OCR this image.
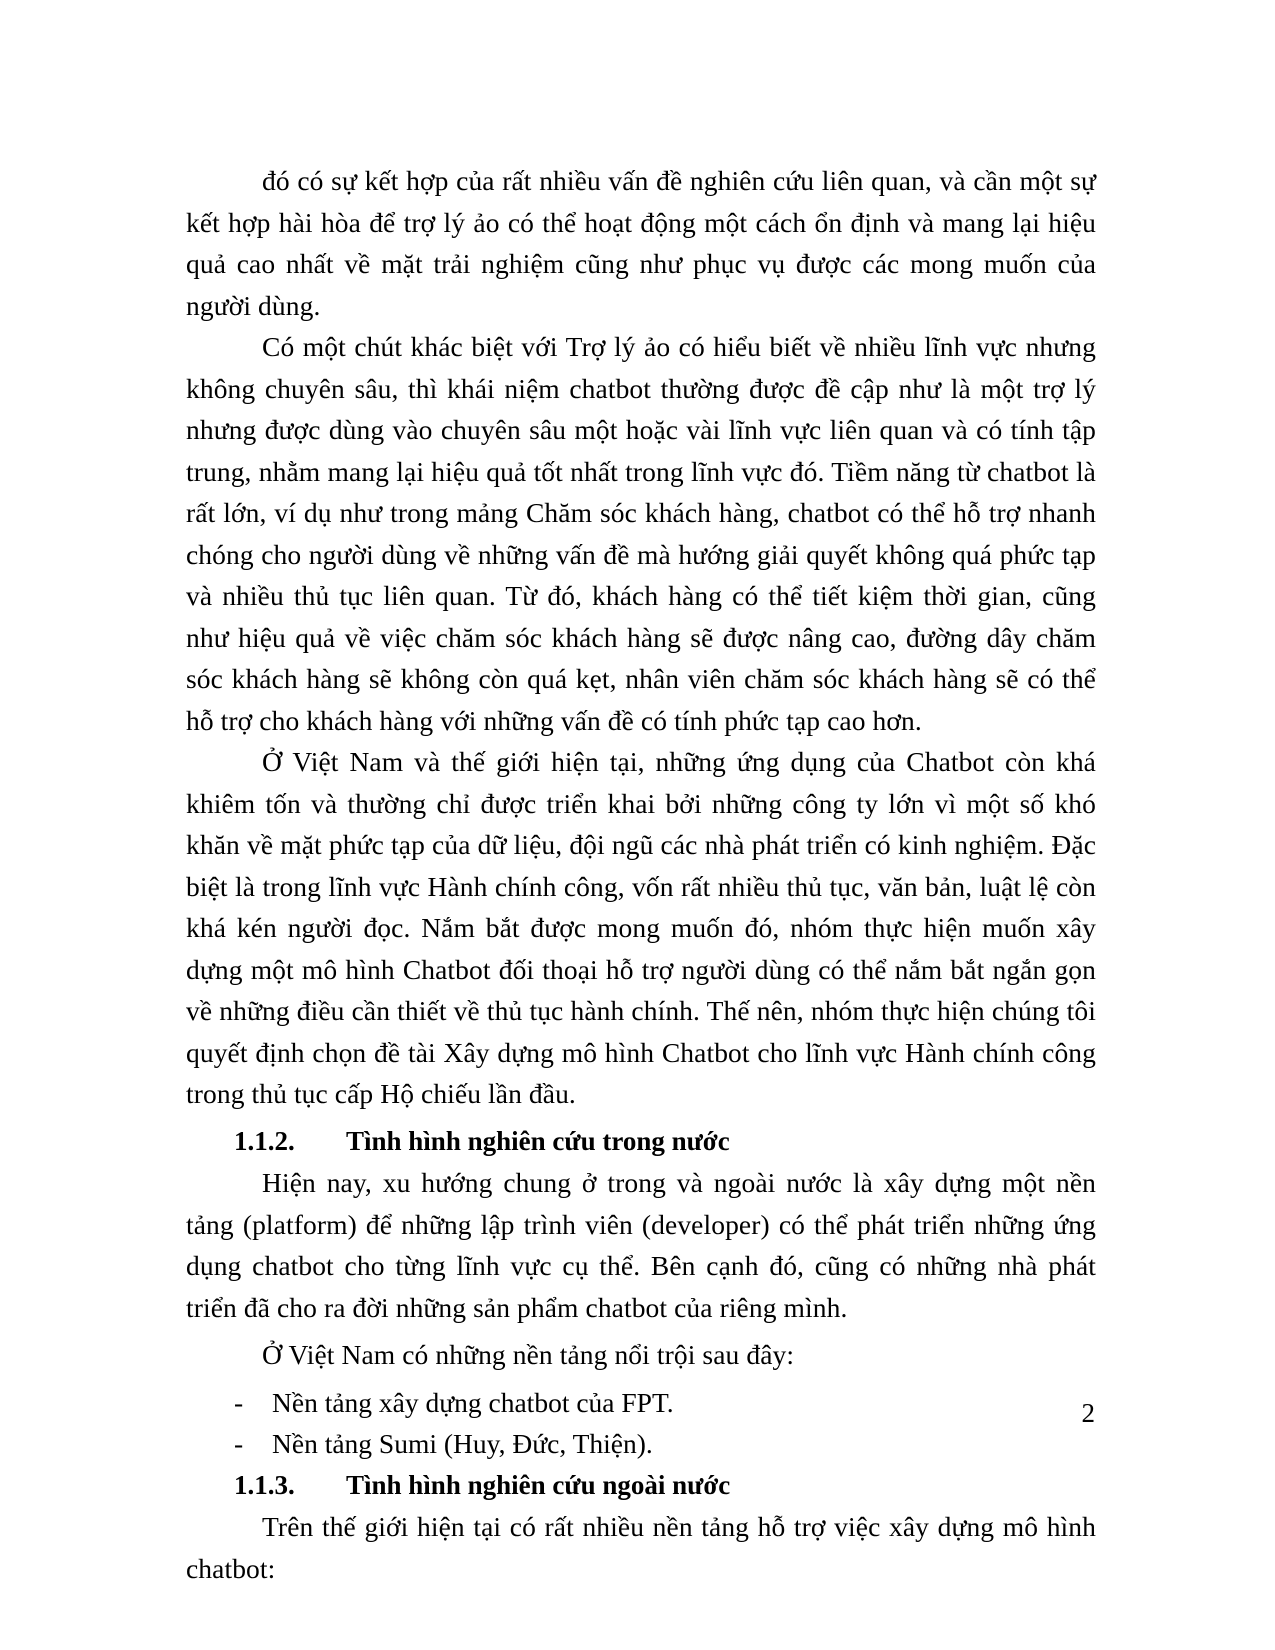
đó có sự kết hợp của rất nhiều vấn đề nghiên cứu liên quan, và cần một sự kết hợp hài hòa để trợ lý ảo có thể hoạt động một cách ổn định và mang lại hiệu quả cao nhất về mặt trải nghiệm cũng như phục vụ được các mong muốn của người dùng.

Có một chút khác biệt với Trợ lý ảo có hiểu biết về nhiều lĩnh vực nhưng không chuyên sâu, thì khái niệm chatbot thường được đề cập như là một trợ lý nhưng được dùng vào chuyên sâu một hoặc vài lĩnh vực liên quan và có tính tập trung, nhằm mang lại hiệu quả tốt nhất trong lĩnh vực đó. Tiềm năng từ chatbot là rất lớn, ví dụ như trong mảng Chăm sóc khách hàng, chatbot có thể hỗ trợ nhanh chóng cho người dùng về những vấn đề mà hướng giải quyết không quá phức tạp và nhiều thủ tục liên quan. Từ đó, khách hàng có thể tiết kiệm thời gian, cũng như hiệu quả về việc chăm sóc khách hàng sẽ được nâng cao, đường dây chăm sóc khách hàng sẽ không còn quá kẹt, nhân viên chăm sóc khách hàng sẽ có thể hỗ trợ cho khách hàng với những vấn đề có tính phức tạp cao hơn.

Ở Việt Nam và thế giới hiện tại, những ứng dụng của Chatbot còn khá khiêm tốn và thường chỉ được triển khai bởi những công ty lớn vì một số khó khăn về mặt phức tạp của dữ liệu, đội ngũ các nhà phát triển có kinh nghiệm. Đặc biệt là trong lĩnh vực Hành chính công, vốn rất nhiều thủ tục, văn bản, luật lệ còn khá kén người đọc. Nắm bắt được mong muốn đó, nhóm thực hiện muốn xây dựng một mô hình Chatbot đối thoại hỗ trợ người dùng có thể nắm bắt ngắn gọn về những điều cần thiết về thủ tục hành chính. Thế nên, nhóm thực hiện chúng tôi quyết định chọn đề tài Xây dựng mô hình Chatbot cho lĩnh vực Hành chính công trong thủ tục cấp Hộ chiếu lần đầu.

1.1.2.	Tình hình nghiên cứu trong nước

Hiện nay, xu hướng chung ở trong và ngoài nước là xây dựng một nền tảng (platform) để những lập trình viên (developer) có thể phát triển những ứng dụng chatbot cho từng lĩnh vực cụ thể. Bên cạnh đó, cũng có những nhà phát triển đã cho ra đời những sản phẩm chatbot của riêng mình.

Ở Việt Nam có những nền tảng nổi trội sau đây:

-	Nền tảng xây dựng chatbot của FPT.
-	Nền tảng Sumi (Huy, Đức, Thiện).
1.1.3.	Tình hình nghiên cứu ngoài nước

Trên thế giới hiện tại có rất nhiều nền tảng hỗ trợ việc xây dựng mô hình chatbot:

2
